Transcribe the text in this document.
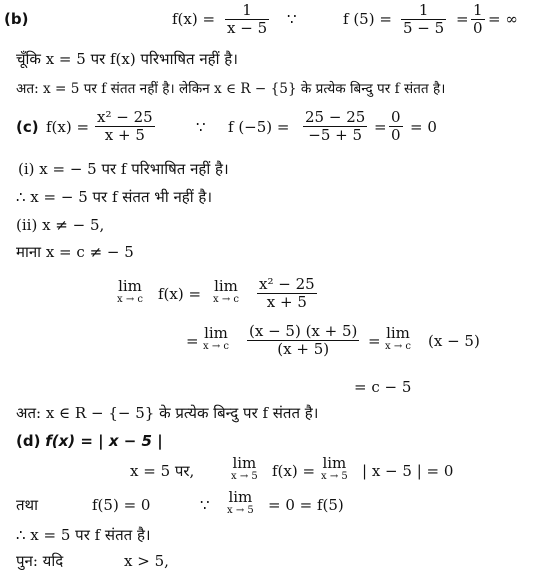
(b)	$f(x) = \frac{1}{x - 5}$ ∵	f $(5) = \frac{1}{5 - 5} = \frac{1}{0}$ = ∞
चूँकि x = 5 पर f(x) परिभाषित नहीं है।
अत: x = 5 पर f संतत नहीं है। लेकिन x ∈ R − {5} के प्रत्येक बिन्दु पर f संतत है।
(c) $f(x) = \frac{\text{x² − 25}}{x + 5}$	∵ f $(-5) = \frac{25 - 25}{-5 + 5} = \frac{0}{0} = 0$
(i) x = − 5 पर f परिभाषित नहीं है।
∴ x = − 5 पर f संतत भी नहीं है।
(ii) x ≠ − 5,
माना x = c ≠ − 5
lim
x → c f(x) = lim
x → c $\frac{\text{x² − 25}}{x + 5}$
= lim
x → c $\frac{(x - 5) (x + 5)}{(x + 5)} = \lim$
x → c (x − 5)
= c − 5
अत: x ∈ R − {− 5} के प्रत्येक बिन्दु पर f संतत है।
(d) f(x) = | x − 5 |
x = 5 पर,	lim
x → 5 f(x) = lim
x → 5 | x − 5 | = 0
तथा	f(5) = 0	∵ lim
x → 5 = 0 = f(5)
∴ x = 5 पर f संतत है।
पुन: यदि	x > 5,
